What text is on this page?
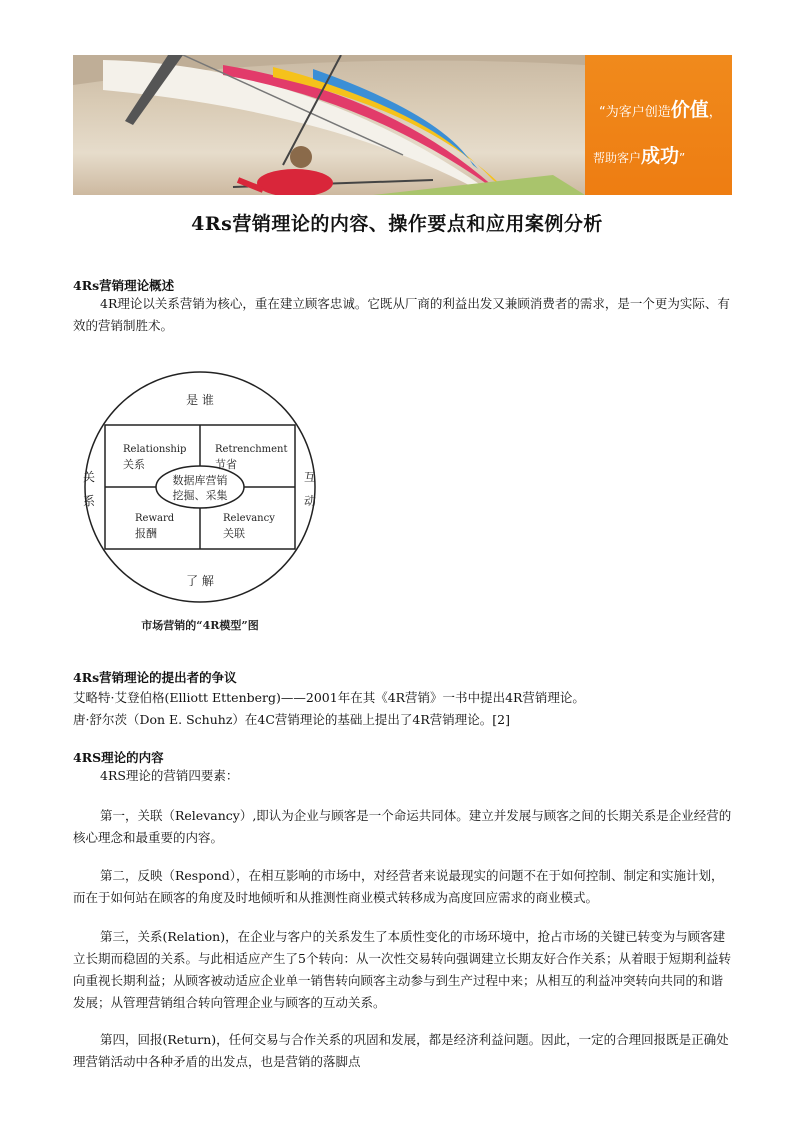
“为客户创造价值，
帮助客户成功”
4Rs营销理论的内容、操作要点和应用案例分析
4Rs营销理论概述
4R理论以关系营销为核心，重在建立顾客忠诚。它既从厂商的利益出发又兼顾消费者的需求，是一个更为实际、有效的营销制胜术。
是 谁
了 解
关
系
互
动
Relationship
关系
Retrenchment
节省
Reward
报酬
Relevancy
关联
数据库营销
挖掘、采集
市场营销的“4R模型”图
4Rs营销理论的提出者的争议
艾略特·艾登伯格(Elliott Ettenberg)——2001年在其《4R营销》一书中提出4R营销理论。
唐·舒尔茨（Don E. Schuhz）在4C营销理论的基础上提出了4R营销理论。[2]
4RS理论的内容
4RS理论的营销四要素：
第一，关联（Relevancy）,即认为企业与顾客是一个命运共同体。建立并发展与顾客之间的长期关系是企业经营的核心理念和最重要的内容。
第二，反映（Respond），在相互影响的市场中，对经营者来说最现实的问题不在于如何控制、制定和实施计划，而在于如何站在顾客的角度及时地倾听和从推测性商业模式转移成为高度回应需求的商业模式。
第三，关系(Relation)，在企业与客户的关系发生了本质性变化的市场环境中，抢占市场的关键已转变为与顾客建立长期而稳固的关系。与此相适应产生了5个转向：从一次性交易转向强调建立长期友好合作关系；从着眼于短期利益转向重视长期利益；从顾客被动适应企业单一销售转向顾客主动参与到生产过程中来；从相互的利益冲突转向共同的和谐发展；从管理营销组合转向管理企业与顾客的互动关系。
第四，回报(Return)，任何交易与合作关系的巩固和发展，都是经济利益问题。因此，一定的合理回报既是正确处理营销活动中各种矛盾的出发点，也是营销的落脚点
